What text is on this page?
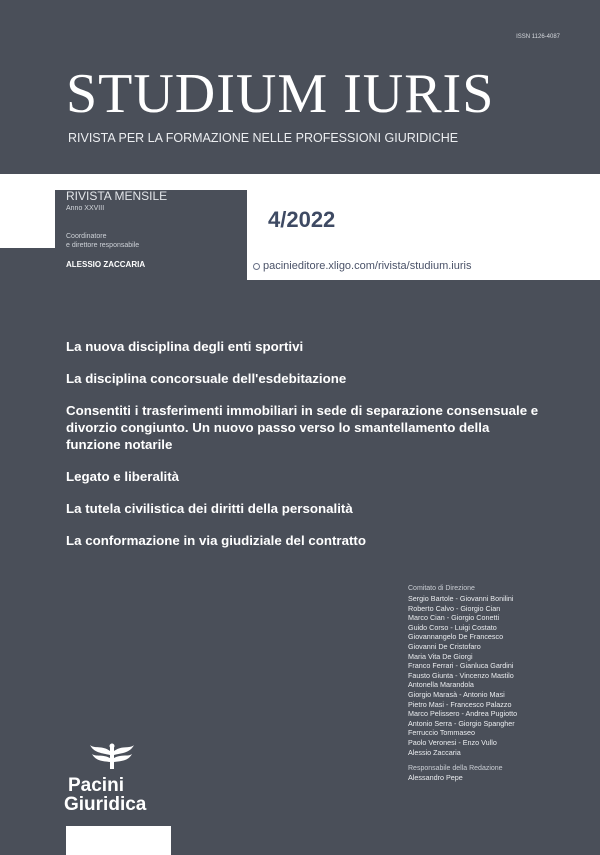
ISSN 1126-4087
STUDIUM IURIS
RIVISTA PER LA FORMAZIONE NELLE PROFESSIONI GIURIDICHE
RIVISTA MENSILE
Anno XXVIII
Coordinatore
e direttore responsabile
ALESSIO ZACCARIA
4/2022
pacinieditore.xligo.com/rivista/studium.iuris
La nuova disciplina degli enti sportivi
La disciplina concorsuale dell'esdebitazione
Consentiti i trasferimenti immobiliari in sede di separazione consensuale e divorzio congiunto. Un nuovo passo verso lo smantellamento della funzione notarile
Legato e liberalità
La tutela civilistica dei diritti della personalità
La conformazione in via giudiziale del contratto
Comitato di Direzione
Sergio Bartole - Giovanni Bonilini
Roberto Calvo - Giorgio Cian
Marco Cian - Giorgio Conetti
Guido Corso - Luigi Costato
Giovannangelo De Francesco
Giovanni De Cristofaro
Maria Vita De Giorgi
Franco Ferrari - Gianluca Gardini
Fausto Giunta - Vincenzo Mastilo
Antonella Marandola
Giorgio Marasà - Antonio Masi
Pietro Masi - Francesco Palazzo
Marco Pelissero - Andrea Pugiotto
Antonio Serra - Giorgio Spangher
Ferruccio Tommaseo
Paolo Veronesi - Enzo Vullo
Alessio Zaccaria
Responsabile della Redazione
Alessandro Pepe
Pacini
Giuridica
